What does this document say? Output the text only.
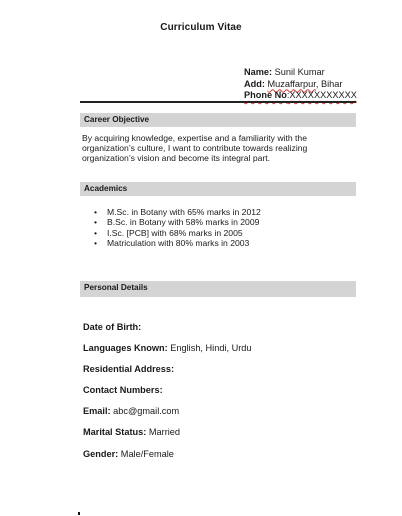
Curriculum Vitae
Name: Sunil Kumar
Add: Muzaffarpur, Bihar
Phone No:XXXXXXXXXXX
Career Objective
By acquiring knowledge, expertise and a familiarity with the organization’s culture, I want to contribute towards realizing organization’s vision and become its integral part.
Academics
• M.Sc. in Botany with 65% marks in 2012
• B.Sc. in Botany with 58% marks in 2009
• I.Sc. [PCB] with 68% marks in 2005
• Matriculation with 80% marks in 2003
Personal Details
Date of Birth:
Languages Known: English, Hindi, Urdu
Residential Address:
Contact Numbers:
Email: abc@gmail.com
Marital Status: Married
Gender: Male/Female
